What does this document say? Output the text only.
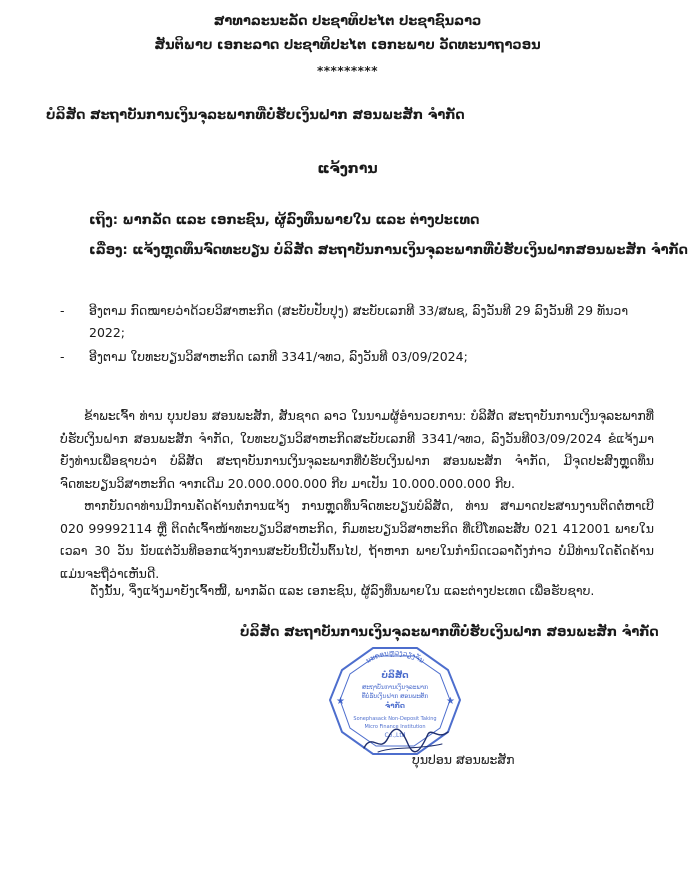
ສາທາລະນະລັດ ປະຊາທິປະໄຕ ປະຊາຊົນລາວ
ສັນຕິພາບ ເອກະລາດ ປະຊາທິປະໄຕ ເອກະພາບ ວັດທະນາຖາວອນ
*********
ບໍລິສັດ ສະຖາບັນການເງິນຈຸລະພາກທີ່ບໍ່ຮັບເງິນຝາກ ສອນພະສັກ ຈຳກັດ
ແຈ້ງການ
ເຖິງ: ພາກລັດ ແລະ ເອກະຊົນ, ຜູ້ລົງທຶນພາຍໃນ ແລະ ຕ່າງປະເທດ
ເລື່ອງ: ແຈ້ງຫຼຸດທຶນຈົດທະບຽນ ບໍລິສັດ ສະຖາບັນການເງິນຈຸລະພາກທີ່ບໍ່ຮັບເງິນຝາກສອນພະສັກ ຈຳກັດ
- ອີງຕາມ ກົດໝາຍວ່າດ້ວຍວິສາຫະກິດ (ສະບັບປັບປຸງ) ສະບັບເລກທີ 33/ສພຊ, ລົງວັນທີ 29 ລົງວັນທີ 29 ທັນວາ 2022;
- ອີງຕາມ ໃບທະບຽນວິສາຫະກິດ ເລກທີ 3341/ຈທວ, ລົງວັນທີ 03/09/2024;

ຂ້າພະເຈົ້າ ທ່ານ ບຸນປອນ ສອນພະສັກ, ສັນຊາດ ລາວ ໃນນາມຜູ້ອຳນວຍການ: ບໍລິສັດ ສະຖາບັນການເງິນຈຸລະພາກທີ່ບໍ່ຮັບເງິນຝາກ ສອນພະສັກ ຈຳກັດ, ໃບທະບຽນວິສາຫະກິດສະບັບເລກທີ 3341/ຈທວ, ລົງວັນທີ03/09/2024 ຂໍແຈ້ງມາຍັງທ່ານເພື່ອຊາບວ່າ ບໍລິສັດ ສະຖາບັນການເງິນຈຸລະພາກທີ່ບໍ່ຮັບເງິນຝາກ ສອນພະສັກ ຈຳກັດ, ມີຈຸດປະສົງຫຼຸດທຶນຈົດທະບຽນວິສາຫະກິດ ຈາກເດີມ 20.000.000.000 ກີບ ມາເປັນ 10.000.000.000 ກີບ.

ຫາກບັນດາທ່ານມີການຄັດຄ້ານຕໍ່ການແຈ້ງ ການຫຼຸດທຶນຈົດທະບຽນບໍລິສັດ, ທ່ານ ສາມາດປະສານງານຕິດຕໍ່ຫາເບີ 020 99992114 ຫຼື ຕິດຕໍ່ເຈົ້າໜ້າທະບຽນວິສາຫະກິດ, ກົມທະບຽນວິສາຫະກິດ ທີ່ເບີໂທລະສັບ 021 412001 ພາຍໃນເວລາ 30 ວັນ ນັບແຕ່ວັນທີອອກແຈ້ງການສະບັບນີ້ເປັນຕົ້ນໄປ, ຖ້າຫາກ ພາຍໃນກຳນົດເວລາດັ່ງກ່າວ ບໍ່ມີທ່ານໃດຄັດຄ້ານ ແມ່ນຈະຖືວ່າເຫັນດີ.

ດັ່ງນັ້ນ, ຈຶ່ງແຈ້ງມາຍັງເຈົ້າໜີ້, ພາກລັດ ແລະ ເອກະຊົນ, ຜູ້ລົງທຶນພາຍໃນ ແລະຕ່າງປະເທດ ເພື່ອຮັບຊາບ.
ບໍລິສັດ ສະຖາບັນການເງິນຈຸລະພາກທີ່ບໍ່ຮັບເງິນຝາກ ສອນພະສັກ ຈຳກັດ
ນະຄອນຫຼວງວຽງຈັນ
★	★
ບໍລິສັດ
ສະຖາບັນການເງິນຈຸລະພາກ
ທີ່ບໍ່ຮັບເງິນຝາກ ສອນພະສັກ
ຈຳກັດ
Sonephasack Non-Deposit Taking
Micro Finance Institution
Co.,Ltd
ບຸນປອນ ສອນພະສັກ
